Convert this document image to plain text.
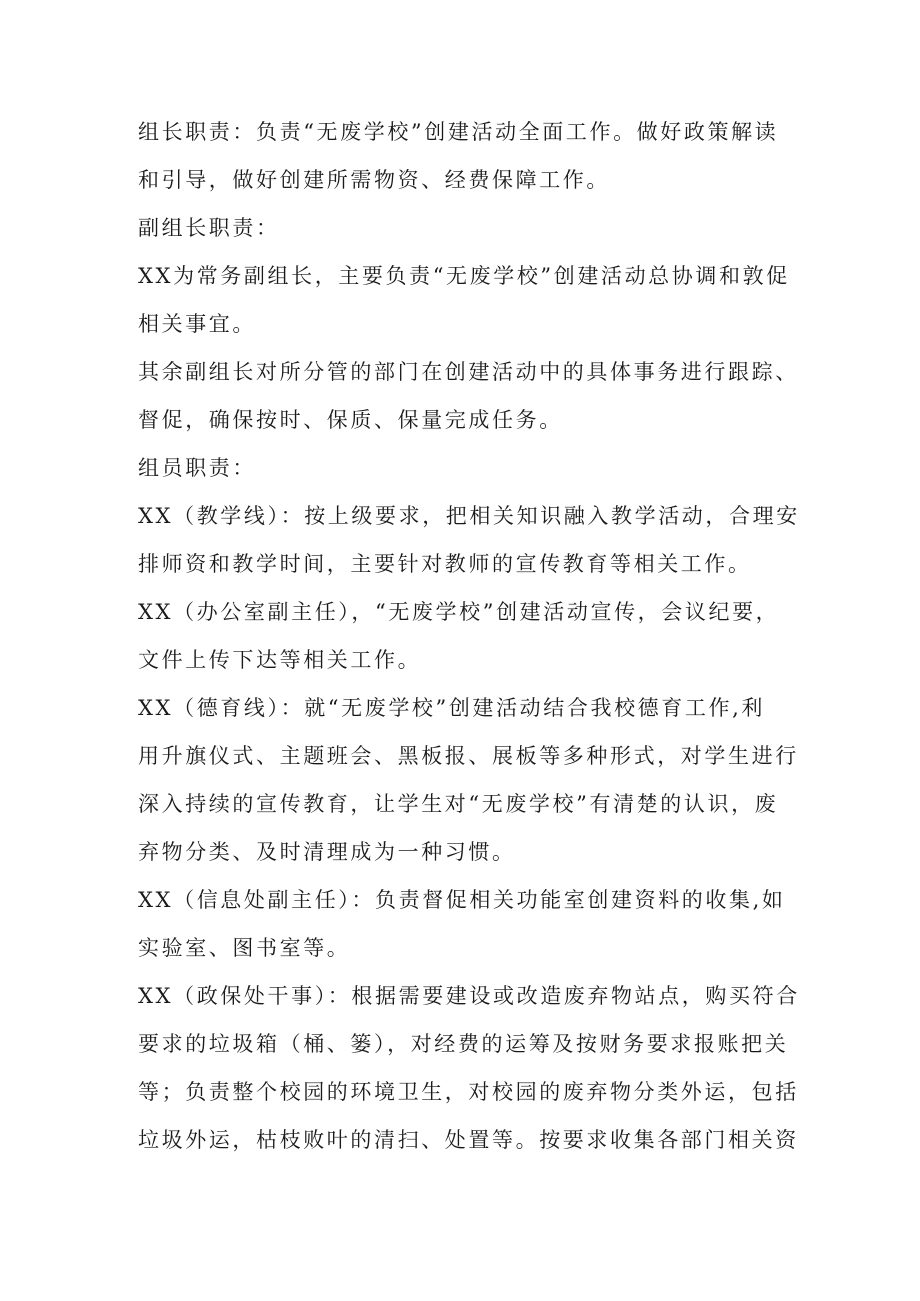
组长职责：负责“无废学校”创建活动全面工作。做好政策解读
和引导，做好创建所需物资、经费保障工作。
副组长职责：
XX为常务副组长，主要负责“无废学校”创建活动总协调和敦促
相关事宜。
其余副组长对所分管的部门在创建活动中的具体事务进行跟踪、
督促，确保按时、保质、保量完成任务。
组员职责：
XX（教学线）：按上级要求，把相关知识融入教学活动，合理安
排师资和教学时间，主要针对教师的宣传教育等相关工作。
XX（办公室副主任），“无废学校”创建活动宣传，会议纪要，
文件上传下达等相关工作。
XX（德育线）：就“无废学校”创建活动结合我校德育工作,利
用升旗仪式、主题班会、黑板报、展板等多种形式，对学生进行
深入持续的宣传教育，让学生对“无废学校”有清楚的认识，废
弃物分类、及时清理成为一种习惯。
XX（信息处副主任）：负责督促相关功能室创建资料的收集,如
实验室、图书室等。
XX（政保处干事）：根据需要建设或改造废弃物站点，购买符合
要求的垃圾箱（桶、篓），对经费的运筹及按财务要求报账把关
等；负责整个校园的环境卫生，对校园的废弃物分类外运，包括
垃圾外运，枯枝败叶的清扫、处置等。按要求收集各部门相关资
